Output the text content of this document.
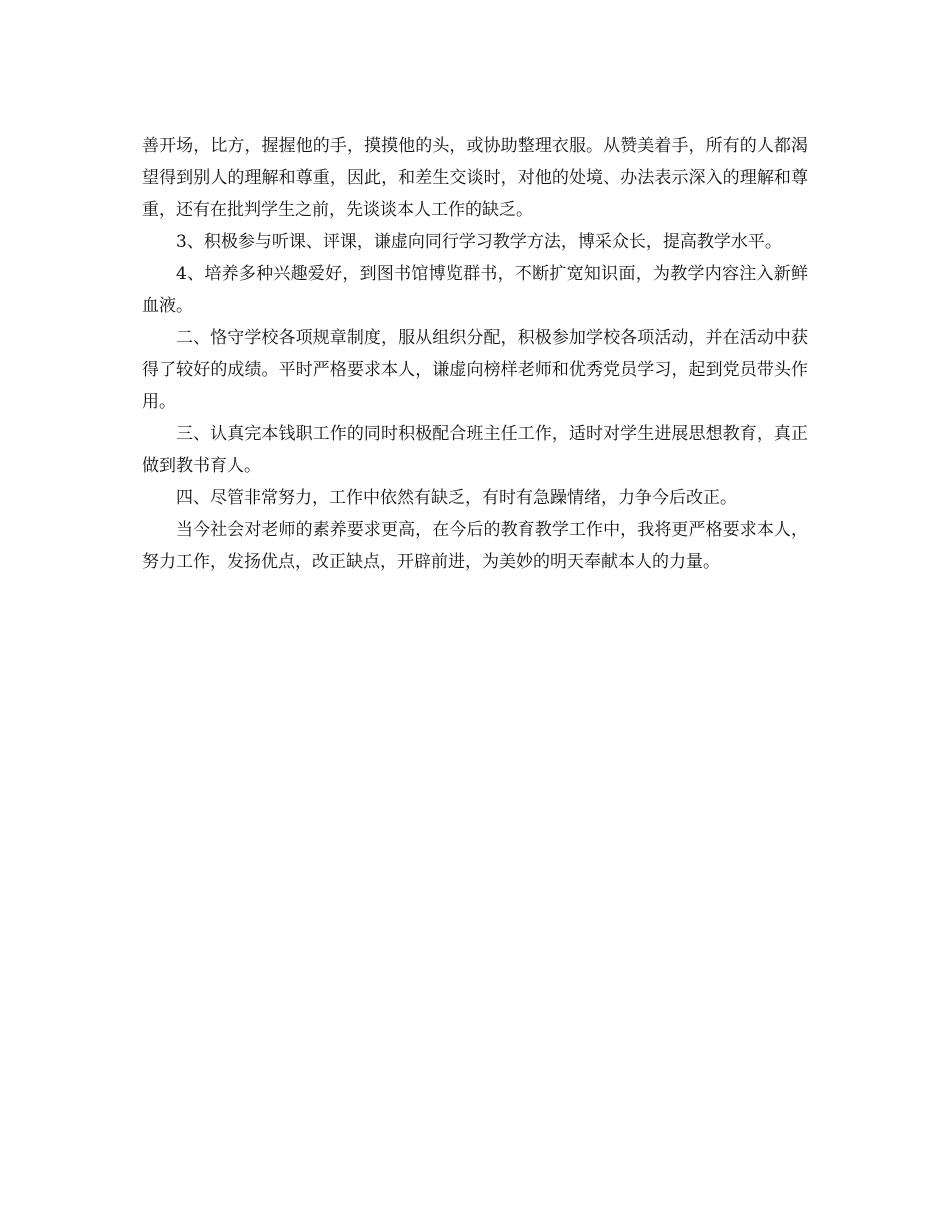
善开场，比方，握握他的手，摸摸他的头，或协助整理衣服。从赞美着手，所有的人都渴望得到别人的理解和尊重，因此，和差生交谈时，对他的处境、办法表示深入的理解和尊重，还有在批判学生之前，先谈谈本人工作的缺乏。

3、积极参与听课、评课，谦虚向同行学习教学方法，博采众长，提高教学水平。

4、培养多种兴趣爱好，到图书馆博览群书，不断扩宽知识面，为教学内容注入新鲜血液。

二、恪守学校各项规章制度，服从组织分配，积极参加学校各项活动，并在活动中获得了较好的成绩。平时严格要求本人，谦虚向榜样老师和优秀党员学习，起到党员带头作用。

三、认真完本钱职工作的同时积极配合班主任工作，适时对学生进展思想教育，真正做到教书育人。

四、尽管非常努力，工作中依然有缺乏，有时有急躁情绪，力争今后改正。

当今社会对老师的素养要求更高，在今后的教育教学工作中，我将更严格要求本人，努力工作，发扬优点，改正缺点，开辟前进，为美妙的明天奉献本人的力量。
